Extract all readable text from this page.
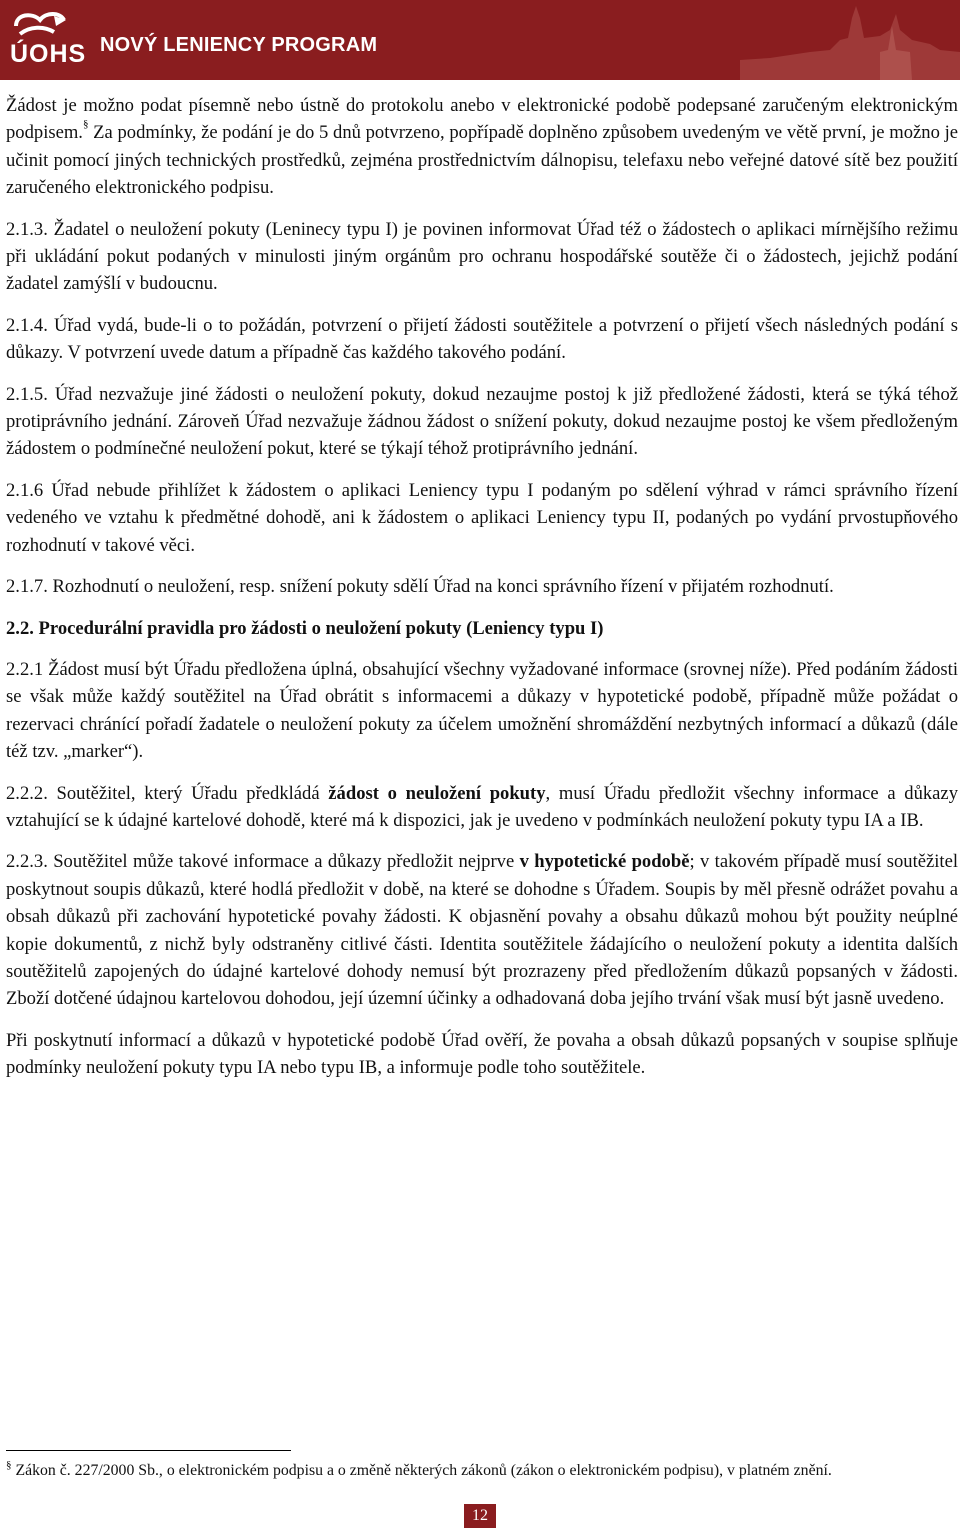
ÚOHS NOVÝ LENIENCY PROGRAM

Žádost je možno podat písemně nebo ústně do protokolu anebo v elektronické podobě podepsané zaručeným elektronickým podpisem.§ Za podmínky, že podání je do 5 dnů potvrzeno, popřípadě doplněno způsobem uvedeným ve větě první, je možno je učinit pomocí jiných technických prostředků, zejména prostřednictvím dálnopisu, telefaxu nebo veřejné datové sítě bez použití zaručeného elektronického podpisu.

2.1.3. Žadatel o neuložení pokuty (Leninecy typu I) je povinen informovat Úřad též o žádostech o aplikaci mírnějšího režimu při ukládání pokut podaných v minulosti jiným orgánům pro ochranu hospodářské soutěže či o žádostech, jejichž podání žadatel zamýšlí v budoucnu.

2.1.4. Úřad vydá, bude-li o to požádán, potvrzení o přijetí žádosti soutěžitele a potvrzení o přijetí všech následných podání s důkazy. V potvrzení uvede datum a případně čas každého takového podání.

2.1.5. Úřad nezvažuje jiné žádosti o neuložení pokuty, dokud nezaujme postoj k již předložené žádosti, která se týká téhož protiprávního jednání. Zároveň Úřad nezvažuje žádnou žádost o snížení pokuty, dokud nezaujme postoj ke všem předloženým žádostem o podmínečné neuložení pokut, které se týkají téhož protiprávního jednání.

2.1.6 Úřad nebude přihlížet k žádostem o aplikaci Leniency typu I podaným po sdělení výhrad v rámci správního řízení vedeného ve vztahu k předmětné dohodě, ani k žádostem o aplikaci Leniency typu II, podaných po vydání prvostupňového rozhodnutí v takové věci.

2.1.7. Rozhodnutí o neuložení, resp. snížení pokuty sdělí Úřad na konci správního řízení v přijatém rozhodnutí.

2.2. Procedurální pravidla pro žádosti o neuložení pokuty (Leniency typu I)

2.2.1 Žádost musí být Úřadu předložena úplná, obsahující všechny vyžadované informace (srovnej níže). Před podáním žádosti se však může každý soutěžitel na Úřad obrátit s informacemi a důkazy v hypotetické podobě, případně může požádat o rezervaci chránící pořadí žadatele o neuložení pokuty za účelem umožnění shromáždění nezbytných informací a důkazů (dále též tzv. „marker“).

2.2.2. Soutěžitel, který Úřadu předkládá žádost o neuložení pokuty, musí Úřadu předložit všechny informace a důkazy vztahující se k údajné kartelové dohodě, které má k dispozici, jak je uvedeno v podmínkách neuložení pokuty typu IA a IB.

2.2.3. Soutěžitel může takové informace a důkazy předložit nejprve v hypotetické podobě; v takovém případě musí soutěžitel poskytnout soupis důkazů, které hodlá předložit v době, na které se dohodne s Úřadem. Soupis by měl přesně odrážet povahu a obsah důkazů při zachování hypotetické povahy žádosti. K objasnění povahy a obsahu důkazů mohou být použity neúplné kopie dokumentů, z nichž byly odstraněny citlivé části. Identita soutěžitele žádajícího o neuložení pokuty a identita dalších soutěžitelů zapojených do údajné kartelové dohody nemusí být prozrazeny před předložením důkazů popsaných v žádosti. Zboží dotčené údajnou kartelovou dohodou, její územní účinky a odhadovaná doba jejího trvání však musí být jasně uvedeno.

Při poskytnutí informací a důkazů v hypotetické podobě Úřad ověří, že povaha a obsah důkazů popsaných v soupise splňuje podmínky neuložení pokuty typu IA nebo typu IB, a informuje podle toho soutěžitele.

§ Zákon č. 227/2000 Sb., o elektronickém podpisu a o změně některých zákonů (zákon o elektronickém podpisu), v platném znění.
12
